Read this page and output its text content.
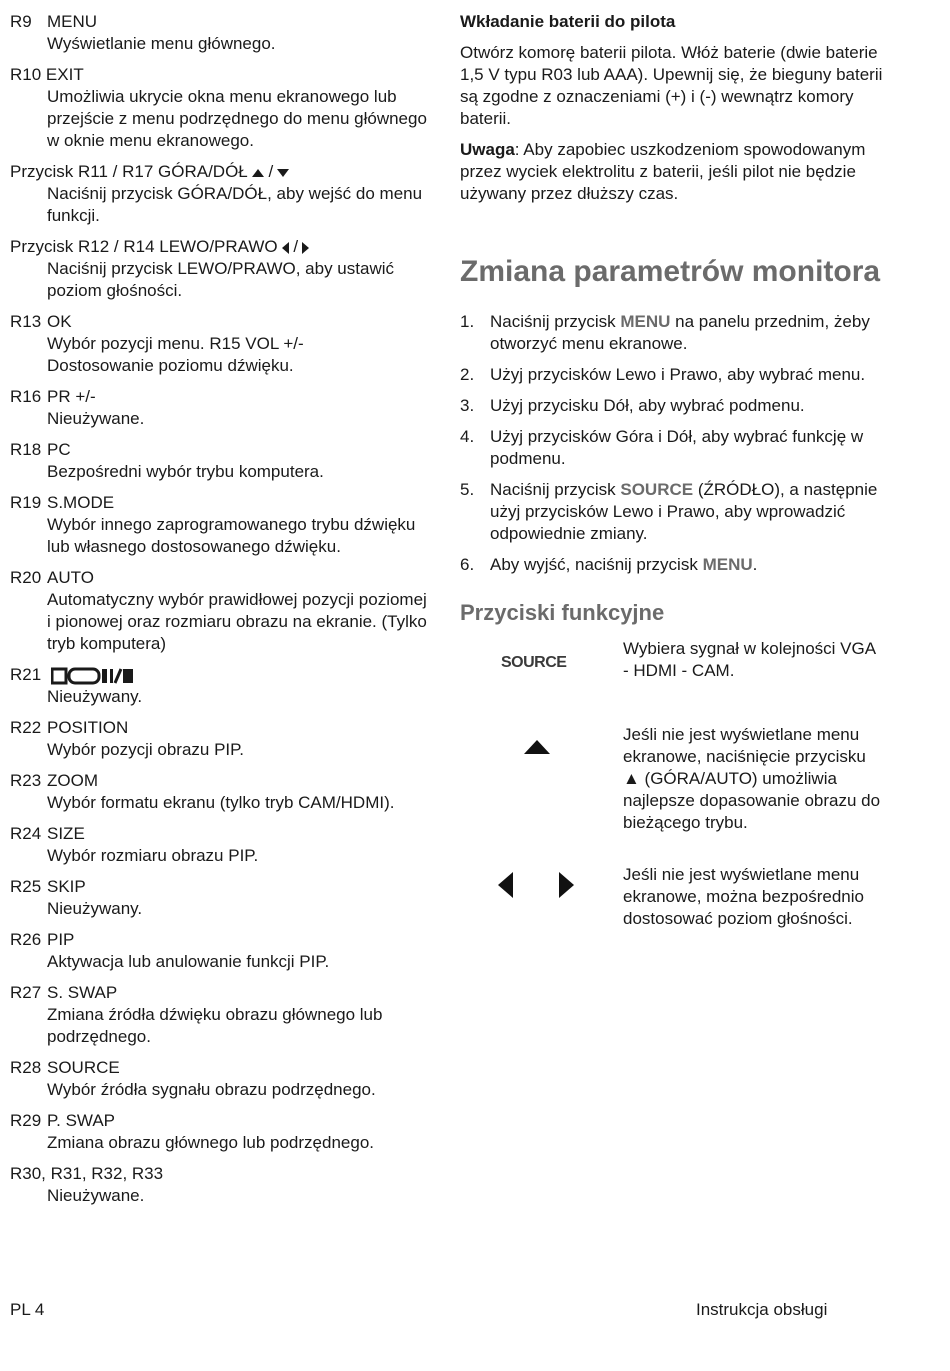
R9 MENU
Wyświetlanie menu głównego.
R10 EXIT
Umożliwia ukrycie okna menu ekranowego lub przejście z menu podrzędnego do menu głównego w oknie menu ekranowego.
Przycisk R11 / R17 GÓRA/DÓŁ /
Naciśnij przycisk GÓRA/DÓŁ, aby wejść do menu funkcji.
Przycisk R12 / R14 LEWO/PRAWO /
Naciśnij przycisk LEWO/PRAWO, aby ustawić poziom głośności.
R13 OK
Wybór pozycji menu. R15 VOL +/-
Dostosowanie poziomu dźwięku.
R16 PR +/-
Nieużywane.
R18 PC
Bezpośredni wybór trybu komputera.
R19 S.MODE
Wybór innego zaprogramowanego trybu dźwięku lub własnego dostosowanego dźwięku.
R20 AUTO
Automatyczny wybór prawidłowej pozycji poziomej i pionowej oraz rozmiaru obrazu na ekranie. (Tylko tryb komputera)
R21
Nieużywany.
R22 POSITION
Wybór pozycji obrazu PIP.
R23 ZOOM
Wybór formatu ekranu (tylko tryb CAM/HDMI).
R24 SIZE
Wybór rozmiaru obrazu PIP.
R25 SKIP
Nieużywany.
R26 PIP
Aktywacja lub anulowanie funkcji PIP.
R27 S. SWAP
Zmiana źródła dźwięku obrazu głównego lub podrzędnego.
R28 SOURCE
Wybór źródła sygnału obrazu podrzędnego.
R29 P. SWAP
Zmiana obrazu głównego lub podrzędnego.
R30, R31, R32, R33
Nieużywane.
Wkładanie baterii do pilota
Otwórz komorę baterii pilota. Włóż baterie (dwie baterie 1,5 V typu R03 lub AAA). Upewnij się, że bieguny baterii są zgodne z oznaczeniami (+) i (-) wewnątrz komory baterii.
Uwaga: Aby zapobiec uszkodzeniom spowodowanym przez wyciek elektrolitu z baterii, jeśli pilot nie będzie używany przez dłuższy czas.
Zmiana parametrów monitora
1. Naciśnij przycisk MENU na panelu przednim, żeby otworzyć menu ekranowe.
2. Użyj przycisków Lewo i Prawo, aby wybrać menu.
3. Użyj przycisku Dół, aby wybrać podmenu.
4. Użyj przycisków Góra i Dół, aby wybrać funkcję w podmenu.
5. Naciśnij przycisk SOURCE (ŹRÓDŁO), a następnie użyj przycisków Lewo i Prawo, aby wprowadzić odpowiednie zmiany.
6. Aby wyjść, naciśnij przycisk MENU.
Przyciski funkcyjne
SOURCE
Wybiera sygnał w kolejności VGA - HDMI - CAM.
Jeśli nie jest wyświetlane menu ekranowe, naciśnięcie przycisku ▲ (GÓRA/AUTO) umożliwia najlepsze dopasowanie obrazu do bieżącego trybu.
Jeśli nie jest wyświetlane menu ekranowe, można bezpośrednio dostosować poziom głośności.
PL 4	Instrukcja obsługi
